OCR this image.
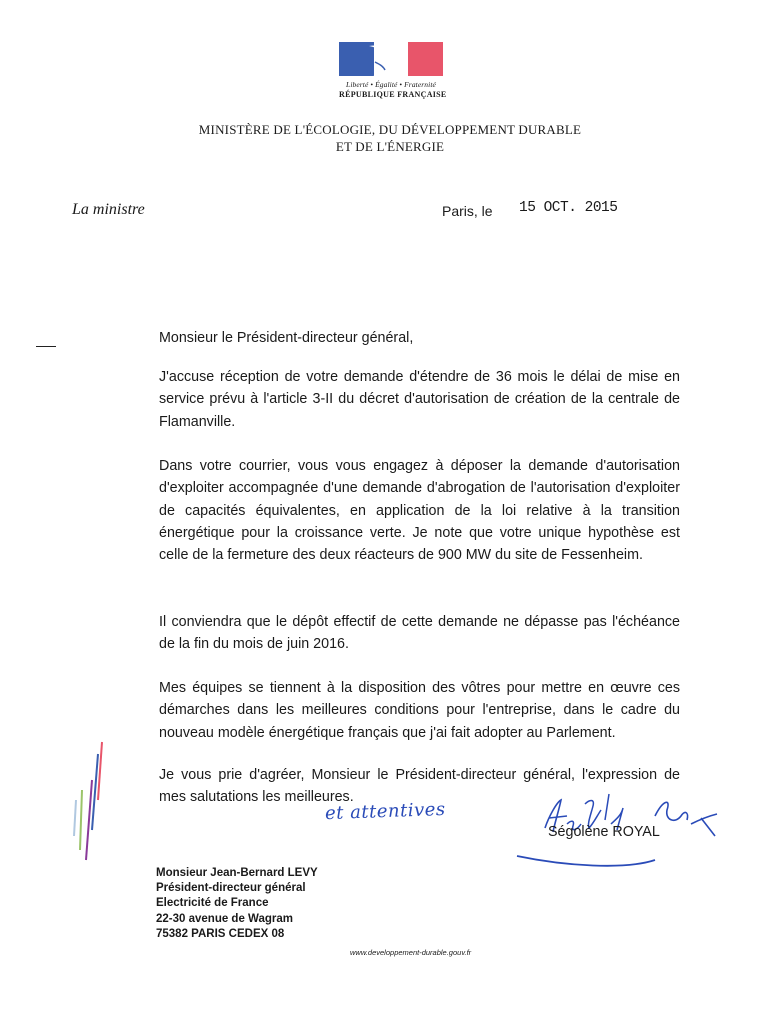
Liberté • Égalité • Fraternité
RÉPUBLIQUE FRANÇAISE
MINISTÈRE DE L'ÉCOLOGIE, DU DÉVELOPPEMENT DURABLE
ET DE L'ÉNERGIE
La ministre	Paris, le 15 OCT. 2015
Monsieur le Président-directeur général,
J'accuse réception de votre demande d'étendre de 36 mois le délai de mise en service prévu à l'article 3-II du décret d'autorisation de création de la centrale de Flamanville.
Dans votre courrier, vous vous engagez à déposer la demande d'autorisation d'exploiter accompagnée d'une demande d'abrogation de l'autorisation d'exploiter de capacités équivalentes, en application de la loi relative à la transition énergétique pour la croissance verte. Je note que votre unique hypothèse est celle de la fermeture des deux réacteurs de 900 MW du site de Fessenheim.
Il conviendra que le dépôt effectif de cette demande ne dépasse pas l'échéance de la fin du mois de juin 2016.
Mes équipes se tiennent à la disposition des vôtres pour mettre en œuvre ces démarches dans les meilleures conditions pour l'entreprise, dans le cadre du nouveau modèle énergétique français que j'ai fait adopter au Parlement.
Je vous prie d'agréer, Monsieur le Président-directeur général, l'expression de mes salutations les meilleures.
et attentives
Ségolène ROYAL
Monsieur Jean-Bernard LEVY
Président-directeur général
Electricité de France
22-30 avenue de Wagram
75382 PARIS CEDEX 08
www.developpement-durable.gouv.fr
